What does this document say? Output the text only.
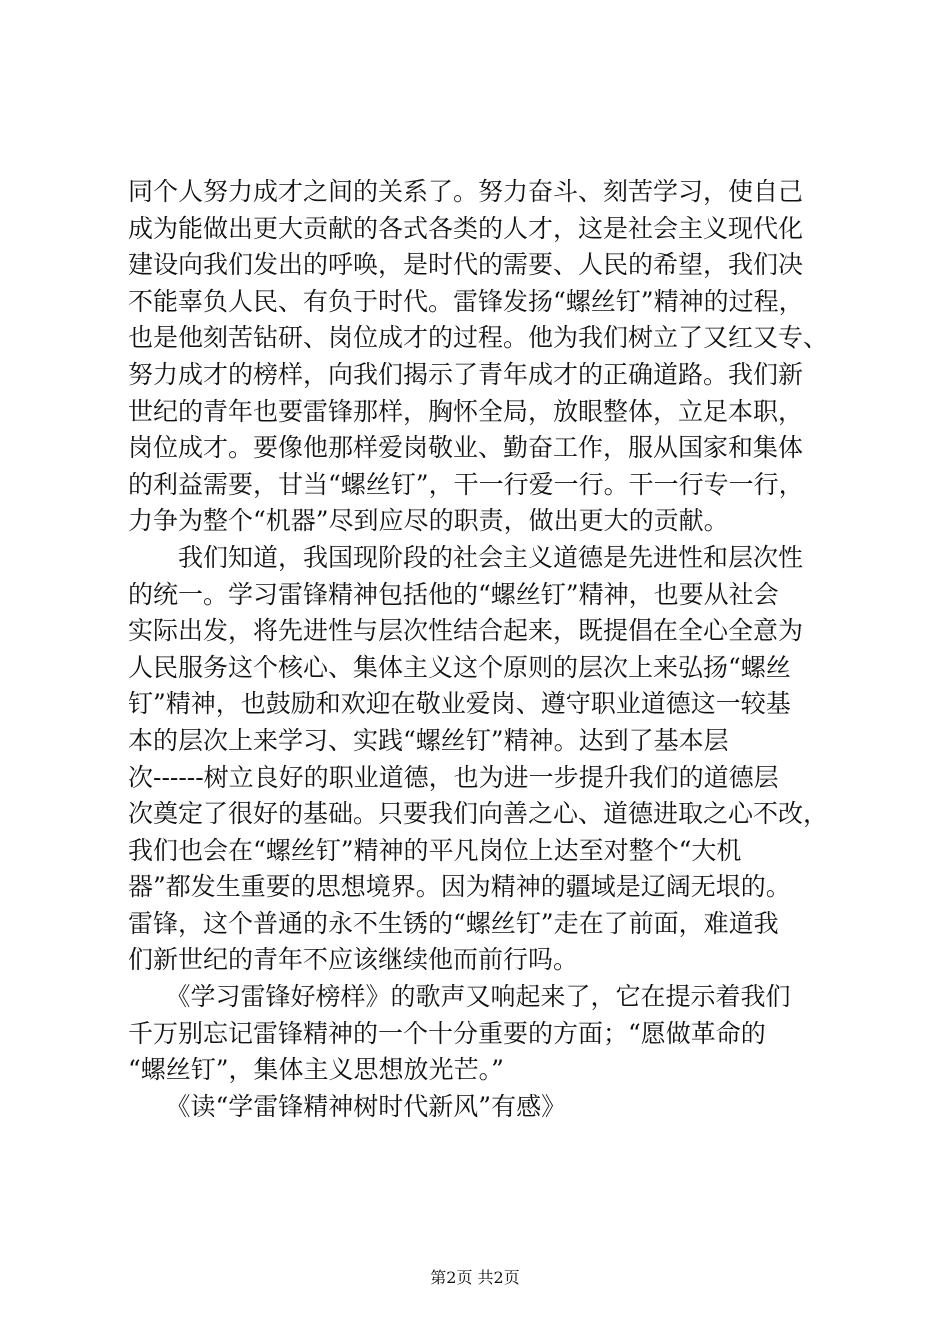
同个人努力成才之间的关系了。努力奋斗、刻苦学习，使自己
成为能做出更大贡献的各式各类的人才，这是社会主义现代化
建设向我们发出的呼唤，是时代的需要、人民的希望，我们决
不能辜负人民、有负于时代。雷锋发扬“螺丝钉”精神的过程，
也是他刻苦钻研、岗位成才的过程。他为我们树立了又红又专、
努力成才的榜样，向我们揭示了青年成才的正确道路。我们新
世纪的青年也要雷锋那样，胸怀全局，放眼整体，立足本职，
岗位成才。要像他那样爱岗敬业、勤奋工作，服从国家和集体
的利益需要，甘当“螺丝钉”，干一行爱一行。干一行专一行，
力争为整个“机器”尽到应尽的职责，做出更大的贡献。
　　我们知道，我国现阶段的社会主义道德是先进性和层次性
的统一。学习雷锋精神包括他的“螺丝钉”精神，也要从社会
实际出发，将先进性与层次性结合起来，既提倡在全心全意为
人民服务这个核心、集体主义这个原则的层次上来弘扬“螺丝
钉”精神，也鼓励和欢迎在敬业爱岗、遵守职业道德这一较基
本的层次上来学习、实践“螺丝钉”精神。达到了基本层
次------树立良好的职业道德，也为进一步提升我们的道德层
次奠定了很好的基础。只要我们向善之心、道德进取之心不改，
我们也会在“螺丝钉”精神的平凡岗位上达至对整个“大机
器”都发生重要的思想境界。因为精神的疆域是辽阔无垠的。
雷锋，这个普通的永不生锈的“螺丝钉”走在了前面，难道我
们新世纪的青年不应该继续他而前行吗。
　　《学习雷锋好榜样》的歌声又响起来了，它在提示着我们
千万别忘记雷锋精神的一个十分重要的方面；“愿做革命的
“螺丝钉”，集体主义思想放光芒。”
　　《读“学雷锋精神树时代新风”有感》
第2页 共2页
